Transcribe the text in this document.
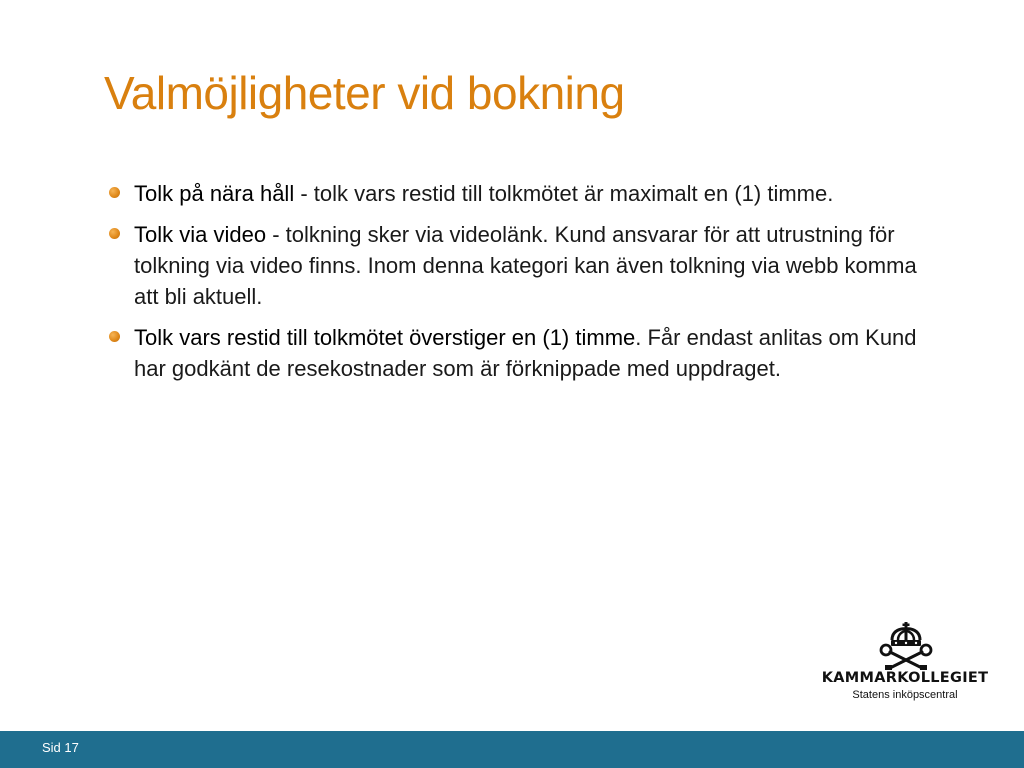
Valmöjligheter vid bokning
Tolk på nära håll - tolk vars restid till tolkmötet är maximalt en (1) timme.
Tolk via video - tolkning sker via videolänk. Kund ansvarar för att utrustning för tolkning via video finns. Inom denna kategori kan även tolkning via webb komma att bli aktuell.
Tolk vars restid till tolkmötet överstiger en (1) timme. Får endast anlitas om Kund har godkänt de resekostnader som är förknippade med uppdraget.
KAMMARKOLLEGIET
Statens inköpscentral
Sid 17
